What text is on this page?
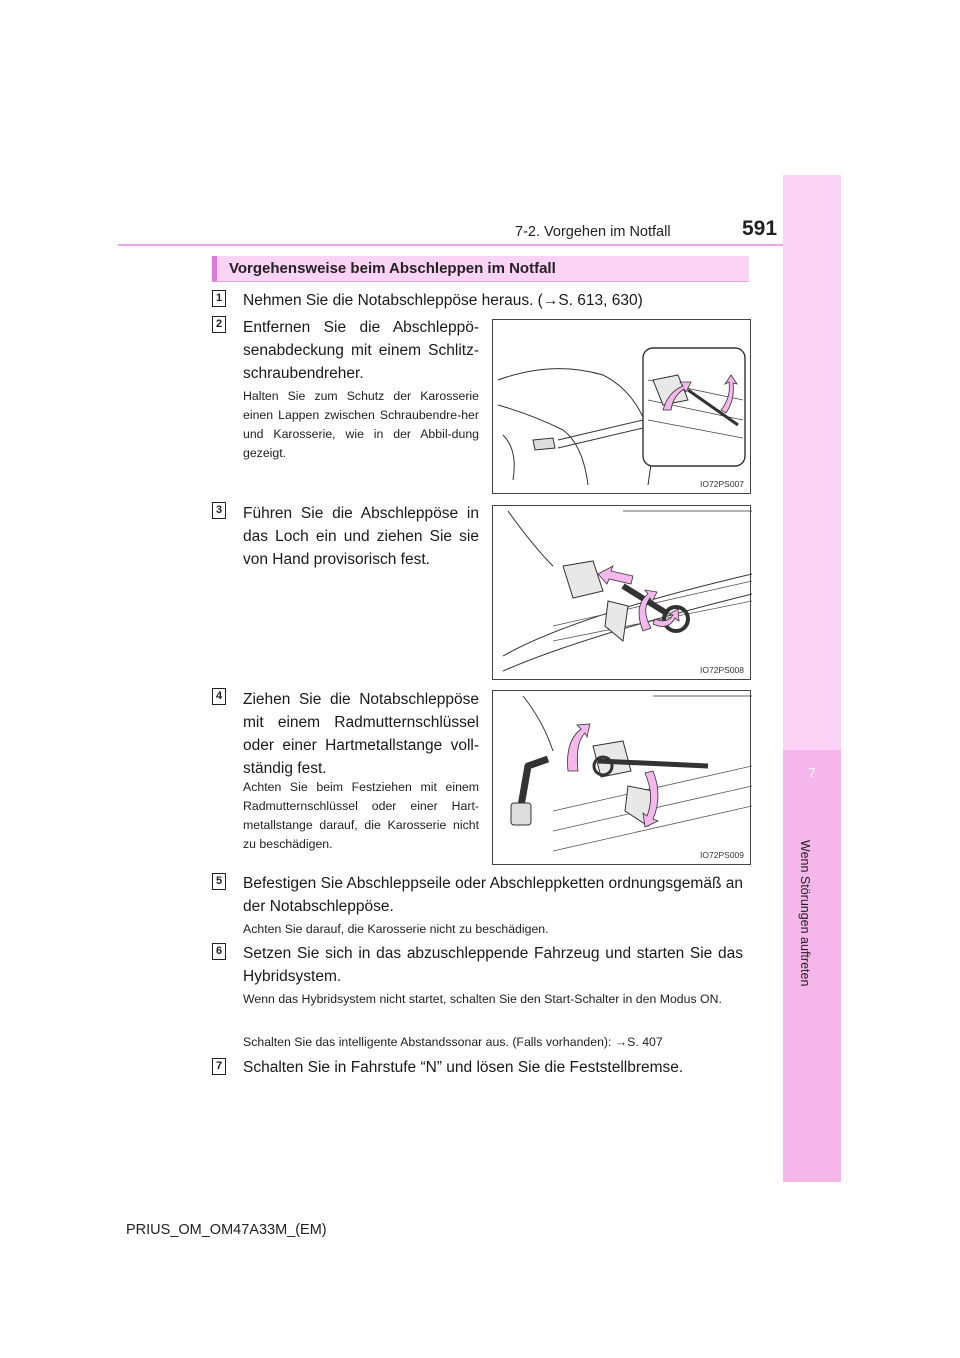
7-2. Vorgehen im Notfall	591
7
Wenn Störungen auftreten
Vorgehensweise beim Abschleppen im Notfall
1 Nehmen Sie die Notabschleppöse heraus. (→S. 613, 630)
2 Entfernen Sie die Abschleppö-senabdeckung mit einem Schlitz-schraubendreher.
Halten Sie zum Schutz der Karosserie einen Lappen zwischen Schraubendre-her und Karosserie, wie in der Abbil-dung gezeigt.
IO72PS007
3 Führen Sie die Abschleppöse in das Loch ein und ziehen Sie sie von Hand provisorisch fest.
IO72PS008
4 Ziehen Sie die Notabschleppöse mit einem Radmutternschlüssel oder einer Hartmetallstange voll-ständig fest.
Achten Sie beim Festziehen mit einem Radmutternschlüssel oder einer Hart-metallstange darauf, die Karosserie nicht zu beschädigen.
IO72PS009
5 Befestigen Sie Abschleppseile oder Abschleppketten ordnungsgemäß an der Notabschleppöse.
Achten Sie darauf, die Karosserie nicht zu beschädigen.
6 Setzen Sie sich in das abzuschleppende Fahrzeug und starten Sie das Hybridsystem.
Wenn das Hybridsystem nicht startet, schalten Sie den Start-Schalter in den Modus ON.
Schalten Sie das intelligente Abstandssonar aus. (Falls vorhanden): →S. 407
7 Schalten Sie in Fahrstufe “N” und lösen Sie die Feststellbremse.
PRIUS_OM_OM47A33M_(EM)
